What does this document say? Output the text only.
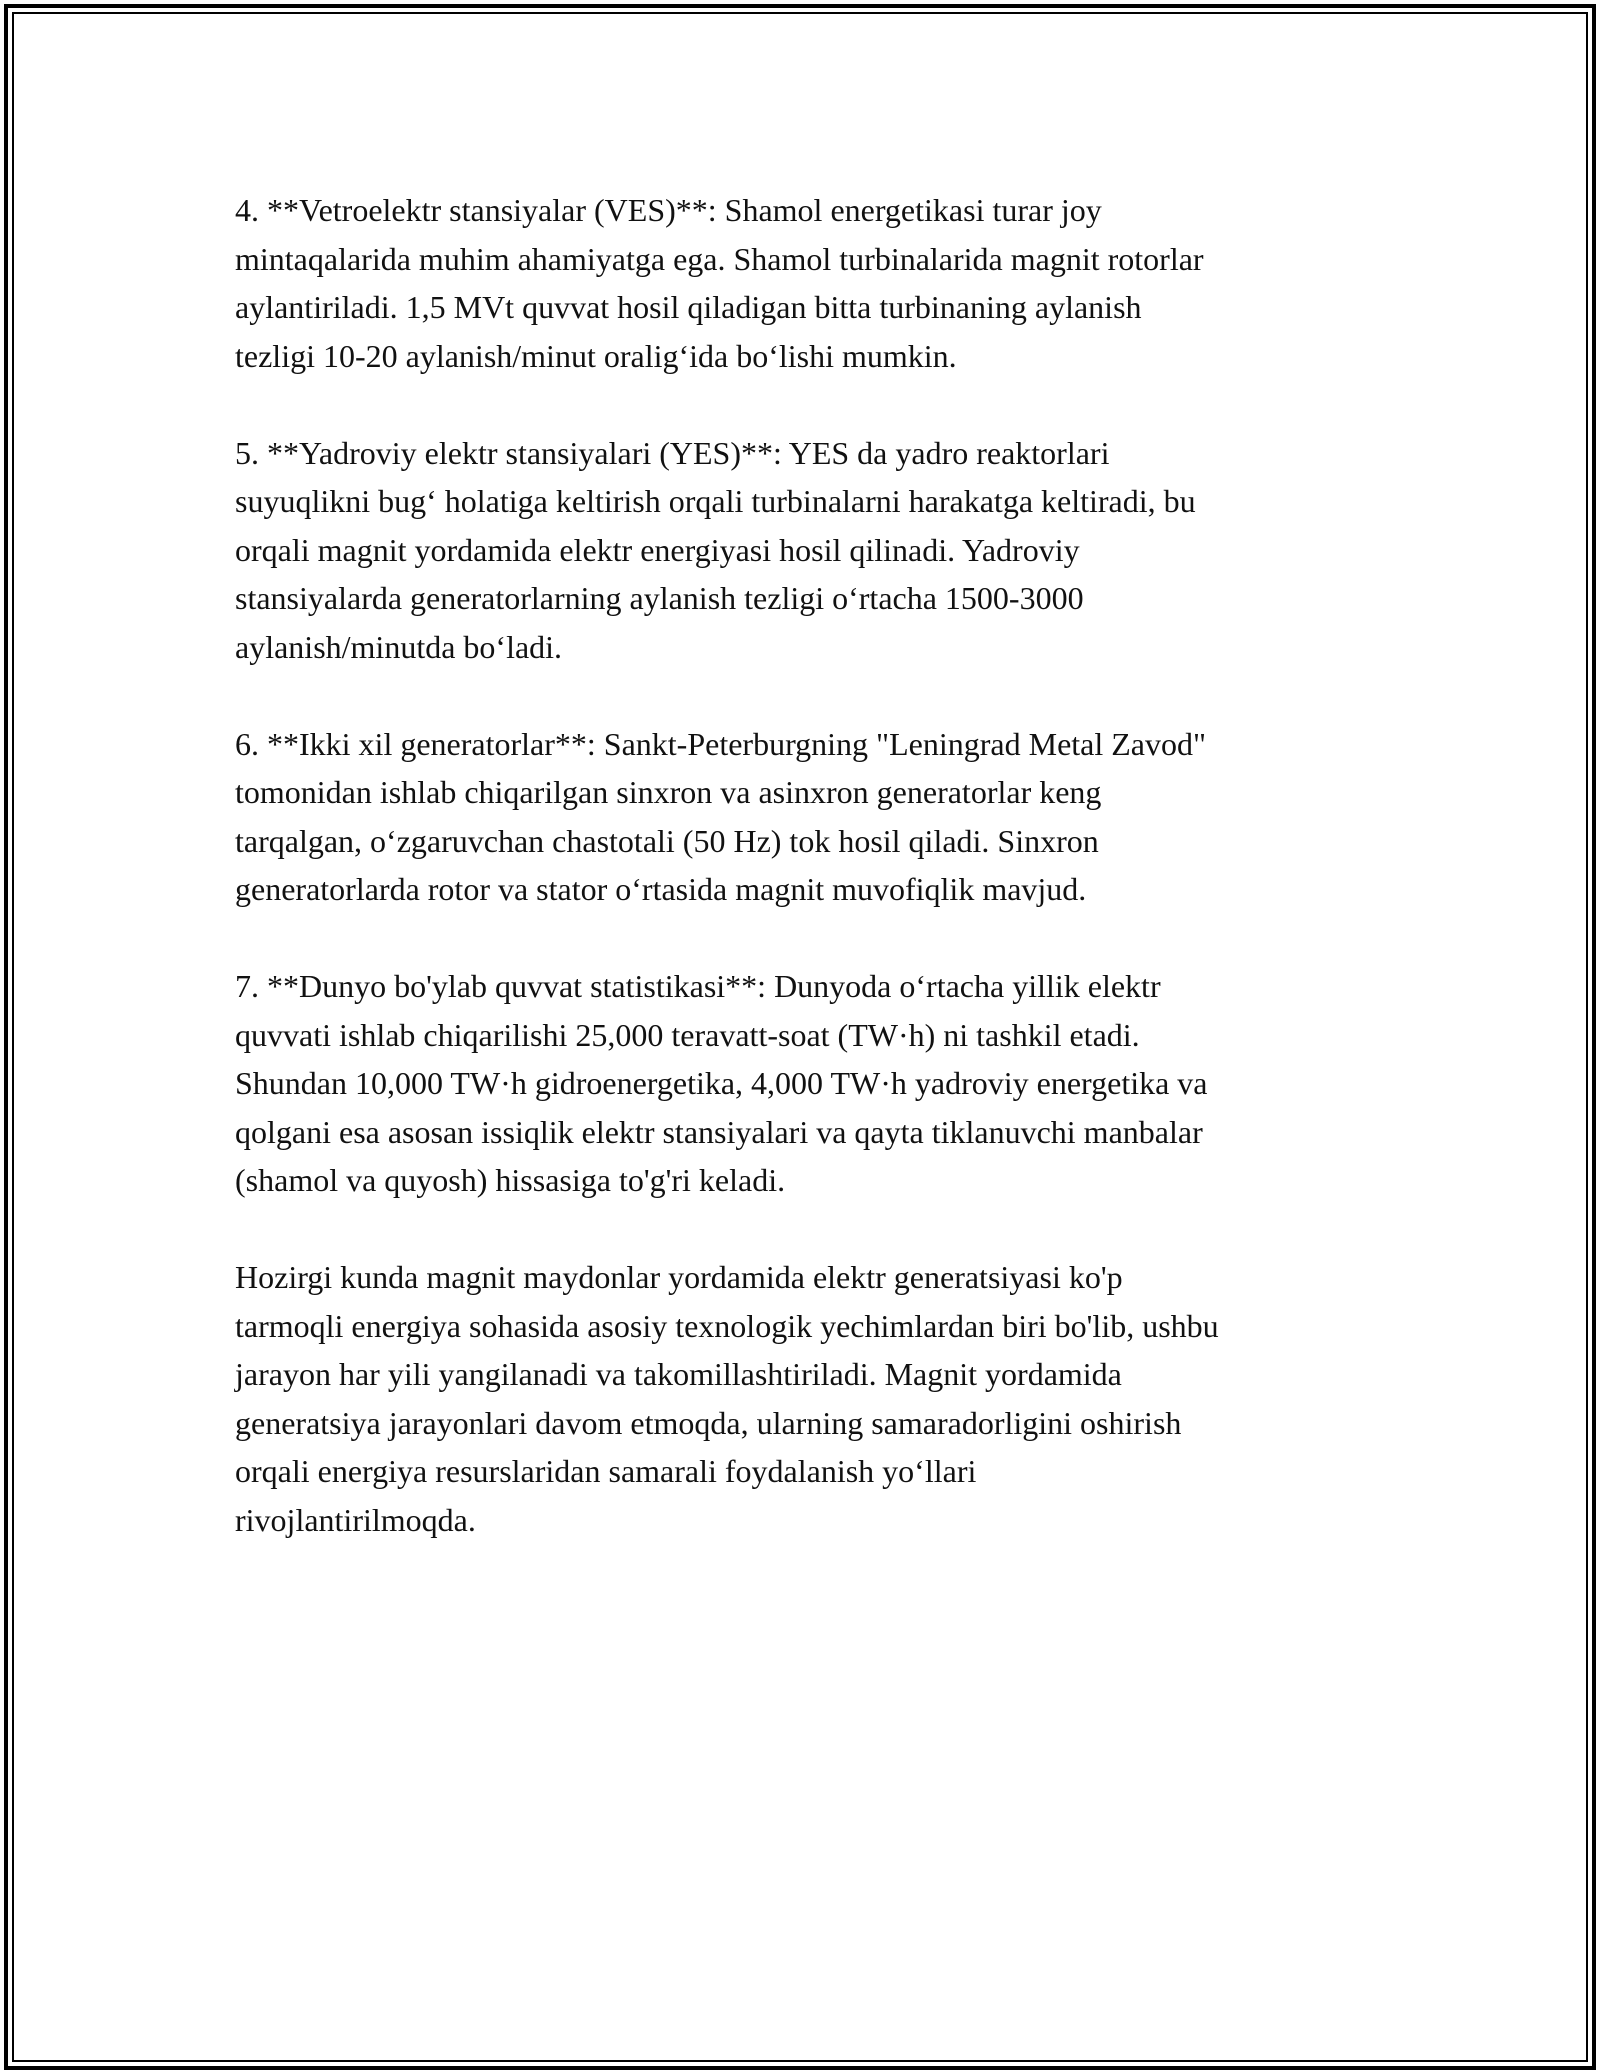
4. **Vetroelektr stansiyalar (VES)**: Shamol energetikasi turar joy
mintaqalarida muhim ahamiyatga ega. Shamol turbinalarida magnit rotorlar
aylantiriladi. 1,5 MVt quvvat hosil qiladigan bitta turbinaning aylanish
tezligi 10-20 aylanish/minut oralig‘ida bo‘lishi mumkin.

5. **Yadroviy elektr stansiyalari (YES)**: YES da yadro reaktorlari
suyuqlikni bug‘ holatiga keltirish orqali turbinalarni harakatga keltiradi, bu
orqali magnit yordamida elektr energiyasi hosil qilinadi. Yadroviy
stansiyalarda generatorlarning aylanish tezligi o‘rtacha 1500-3000
aylanish/minutda bo‘ladi.

6. **Ikki xil generatorlar**: Sankt-Peterburgning "Leningrad Metal Zavod"
tomonidan ishlab chiqarilgan sinxron va asinxron generatorlar keng
tarqalgan, o‘zgaruvchan chastotali (50 Hz) tok hosil qiladi. Sinxron
generatorlarda rotor va stator o‘rtasida magnit muvofiqlik mavjud.

7. **Dunyo bo'ylab quvvat statistikasi**: Dunyoda o‘rtacha yillik elektr
quvvati ishlab chiqarilishi 25,000 teravatt-soat (TW·h) ni tashkil etadi.
Shundan 10,000 TW·h gidroenergetika, 4,000 TW·h yadroviy energetika va
qolgani esa asosan issiqlik elektr stansiyalari va qayta tiklanuvchi manbalar
(shamol va quyosh) hissasiga to'g'ri keladi.

Hozirgi kunda magnit maydonlar yordamida elektr generatsiyasi ko'p
tarmoqli energiya sohasida asosiy texnologik yechimlardan biri bo'lib, ushbu
jarayon har yili yangilanadi va takomillashtiriladi. Magnit yordamida
generatsiya jarayonlari davom etmoqda, ularning samaradorligini oshirish
orqali energiya resurslaridan samarali foydalanish yo‘llari
rivojlantirilmoqda.
